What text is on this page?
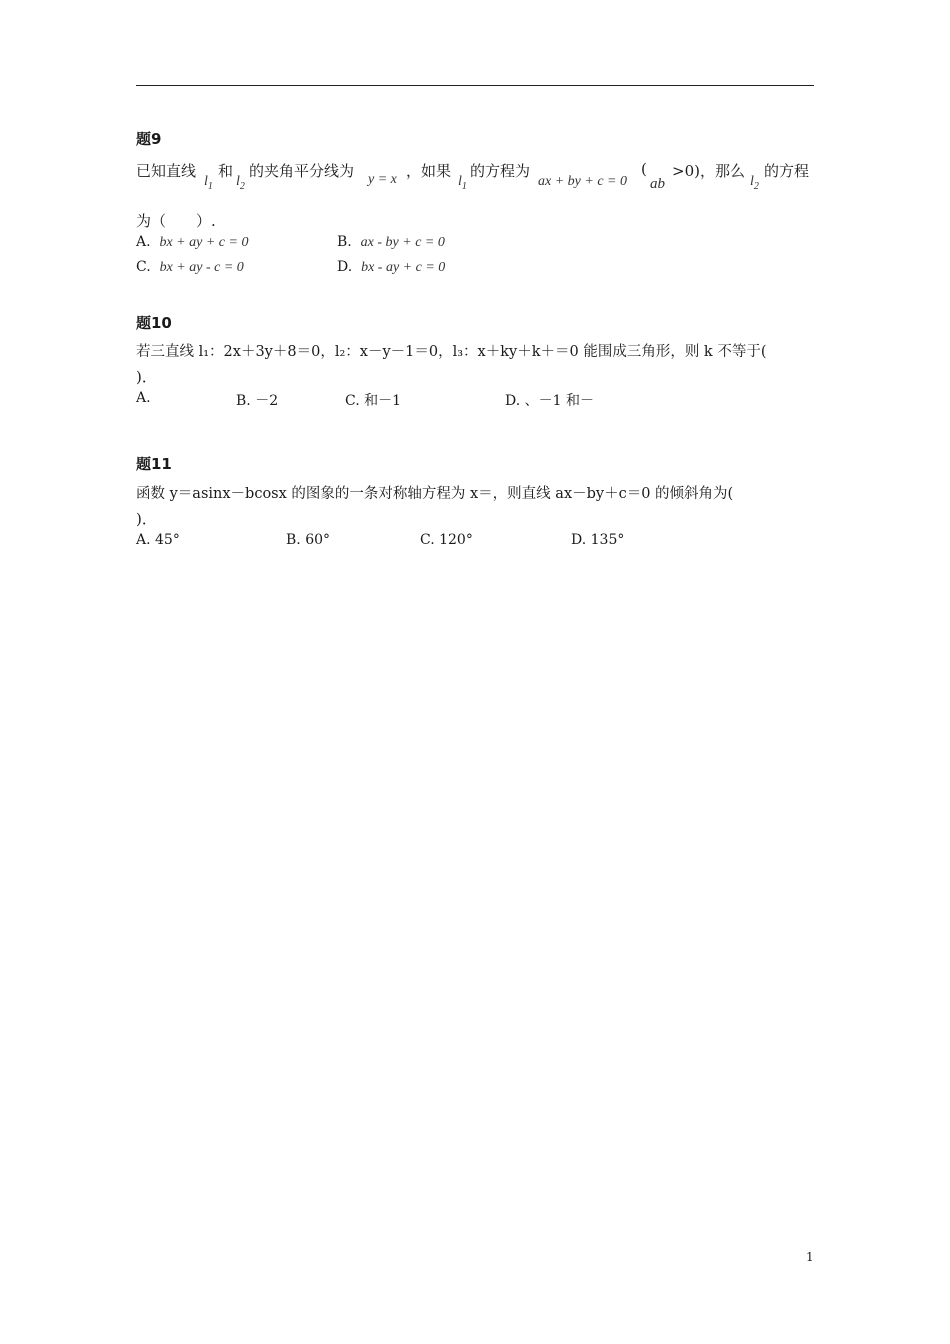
题9
已知直线
$l_1$
和
$l_2$
的夹角平分线为 y = x ，如果
$l_1$
的方程为
ax + by + c = 0
(
ab
>0)，那么
$l_2$
的方程
为（　　）.
A. bx + ay + c = 0	B. ax - by + c = 0
C. bx + ay - c = 0	D. bx - ay + c = 0
题10
若三直线 l₁：2x＋3y＋8＝0，l₂：x－y－1＝0，l₃：x＋ky＋k＋＝0 能围成三角形，则 k 不等于(
)．
A.	B. －2	C. 和－1	D. 、－1 和－
题11
函数 y＝asinx－bcosx 的图象的一条对称轴方程为 x＝，则直线 ax－by＋c＝0 的倾斜角为(
)．
A. 45°	B. 60°	C. 120°	D. 135°
1
